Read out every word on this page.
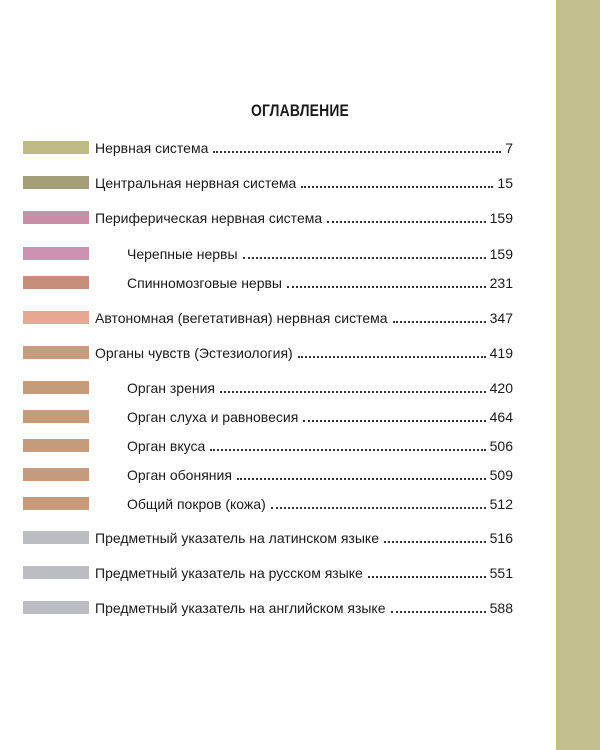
ОГЛАВЛЕНИЕ
Нервная система	7
Центральная нервная система	15
Периферическая нервная система	159
Черепные нервы	159
Спинномозговые нервы	231
Автономная (вегетативная) нервная система	347
Органы чувств (Эстезиология)	419
Орган зрения	420
Орган слуха и равновесия	464
Орган вкуса	506
Орган обоняния	509
Общий покров (кожа)	512
Предметный указатель на латинском языке	516
Предметный указатель на русском языке	551
Предметный указатель на английском языке	588
